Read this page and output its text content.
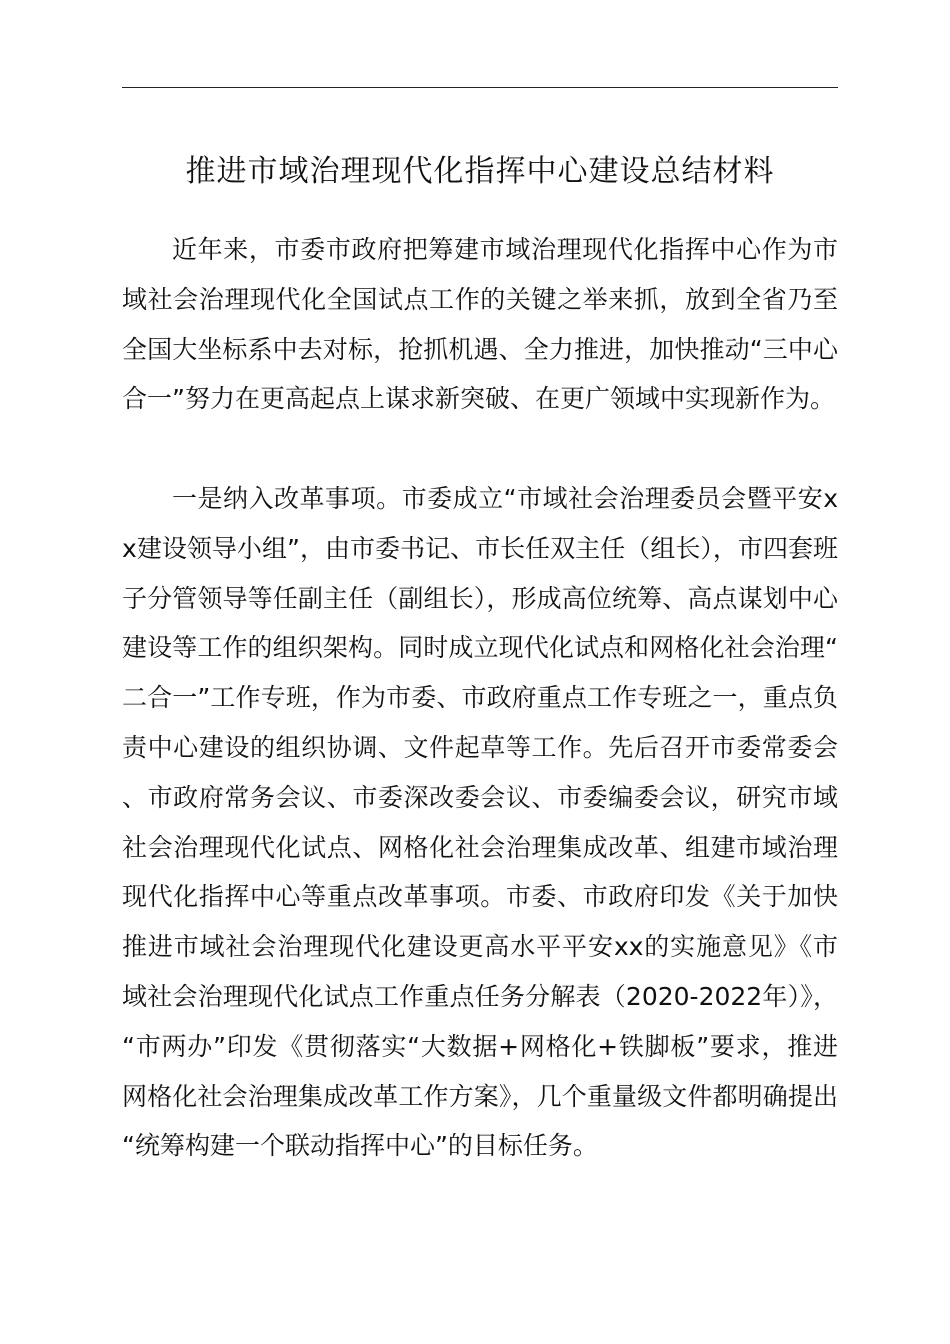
推进市域治理现代化指挥中心建设总结材料

近年来，市委市政府把筹建市域治理现代化指挥中心作为市域社会治理现代化全国试点工作的关键之举来抓，放到全省乃至全国大坐标系中去对标，抢抓机遇、全力推进，加快推动“三中心合一”努力在更高起点上谋求新突破、在更广领域中实现新作为。

一是纳入改革事项。市委成立“市域社会治理委员会暨平安xx建设领导小组”，由市委书记、市长任双主任（组长），市四套班子分管领导等任副主任（副组长），形成高位统筹、高点谋划中心建设等工作的组织架构。同时成立现代化试点和网格化社会治理“二合一”工作专班，作为市委、市政府重点工作专班之一，重点负责中心建设的组织协调、文件起草等工作。先后召开市委常委会、市政府常务会议、市委深改委会议、市委编委会议，研究市域社会治理现代化试点、网格化社会治理集成改革、组建市域治理现代化指挥中心等重点改革事项。市委、市政府印发《关于加快推进市域社会治理现代化建设更高水平平安xx的实施意见》《市域社会治理现代化试点工作重点任务分解表（2020-2022年）》，“市两办”印发《贯彻落实“大数据+网格化+铁脚板”要求，推进网格化社会治理集成改革工作方案》，几个重量级文件都明确提出“统筹构建一个联动指挥中心”的目标任务。
